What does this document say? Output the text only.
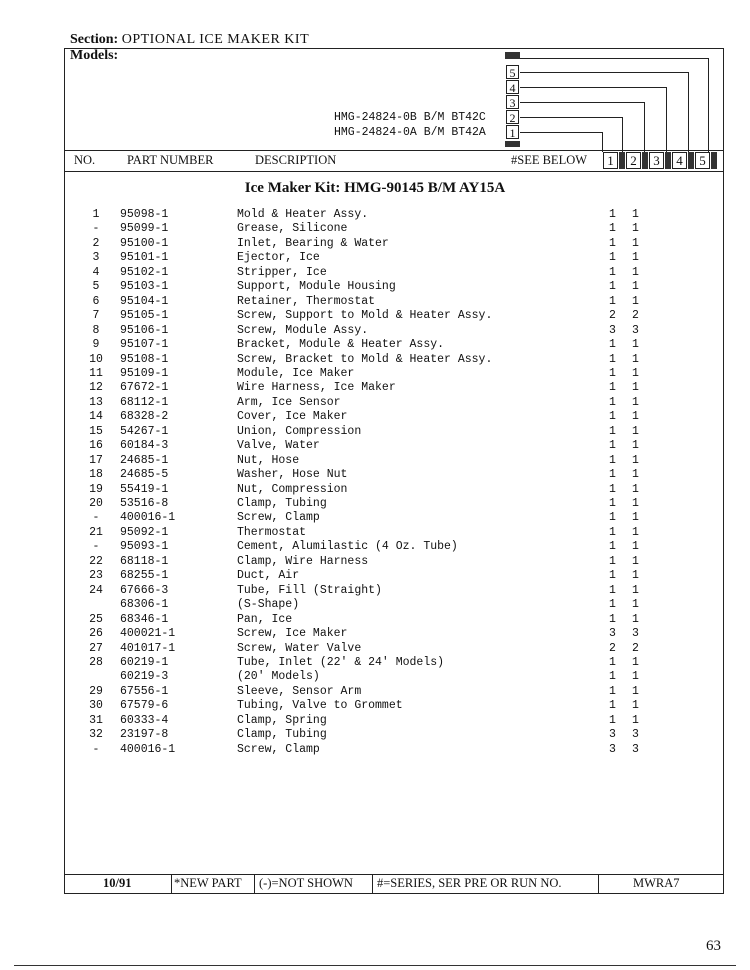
Section: OPTIONAL ICE MAKER KIT
Models:
5
4
3
2
1
HMG-24824-0B B/M BT42C
HMG-24824-0A B/M BT42A
NO.	PART NUMBER	DESCRIPTION	#SEE BELOW	1	2	3	4	5
Ice Maker Kit: HMG-90145 B/M AY15A
1	95098-1	Mold & Heater Assy.	1 1
-	95099-1	Grease, Silicone	1 1
2	95100-1	Inlet, Bearing & Water	1 1
3	95101-1	Ejector, Ice	1 1
4	95102-1	Stripper, Ice	1 1
5	95103-1	Support, Module Housing	1 1
6	95104-1	Retainer, Thermostat	1 1
7	95105-1	Screw, Support to Mold & Heater Assy.	2 2
8	95106-1	Screw, Module Assy.	3 3
9	95107-1	Bracket, Module & Heater Assy.	1 1
10 95108-1	Screw, Bracket to Mold & Heater Assy.	1 1
11 95109-1	Module, Ice Maker	1 1
12 67672-1	Wire Harness, Ice Maker	1 1
13 68112-1	Arm, Ice Sensor	1 1
14 68328-2	Cover, Ice Maker	1 1
15 54267-1	Union, Compression	1 1
16 60184-3	Valve, Water	1 1
17 24685-1	Nut, Hose	1 1
18 24685-5	Washer, Hose Nut	1 1
19 55419-1	Nut, Compression	1 1
20 53516-8	Clamp, Tubing	1 1
-	400016-1	Screw, Clamp	1 1
21 95092-1	Thermostat	1 1
-	95093-1	Cement, Alumilastic (4 Oz. Tube)	1 1
22 68118-1	Clamp, Wire Harness	1 1
23 68255-1	Duct, Air	1 1
24 67666-3	Tube, Fill (Straight)	1 1
68306-1	(S-Shape)	1 1
25 68346-1	Pan, Ice	1 1
26 400021-1	Screw, Ice Maker	3 3
27 401017-1	Screw, Water Valve	2 2
28 60219-1	Tube, Inlet (22' & 24' Models)	1 1
60219-3	(20' Models)	1 1
29 67556-1	Sleeve, Sensor Arm	1 1
30 67579-6	Tubing, Valve to Grommet	1 1
31 60333-4	Clamp, Spring	1 1
32 23197-8	Clamp, Tubing	3 3
-	400016-1	Screw, Clamp	3 3
10/91	*NEW PART (-)=NOT SHOWN #=SERIES, SER PRE OR RUN NO.	MWRA7
63
